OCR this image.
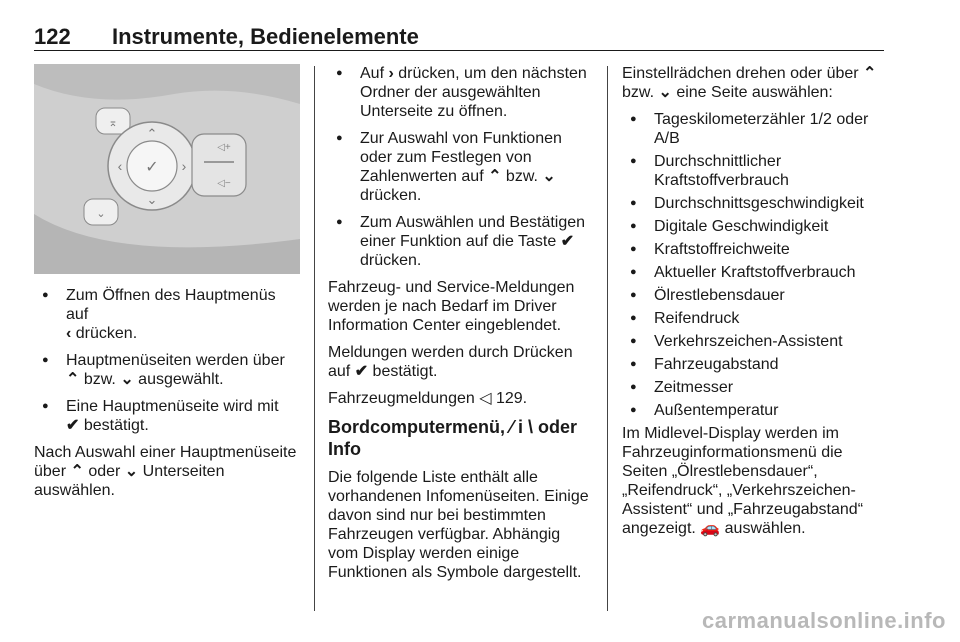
122 Instrumente, Bedienelemente
⌅
⌄
✓
⌃
⌄
‹	›
◁+
◁−
● Zum Öffnen des Hauptmenüs auf
‹ drücken.
● Hauptmenüseiten werden über
⌃ bzw. ⌄ ausgewählt.
● Eine Hauptmenüseite wird mit
✔ bestätigt.

Nach Auswahl einer Hauptmenüseite über ⌃ oder ⌄ Unterseiten auswählen.

● Auf › drücken, um den nächsten Ordner der ausgewählten Unterseite zu öffnen.
● Zur Auswahl von Funktionen oder zum Festlegen von Zahlenwerten auf ⌃ bzw. ⌄ drücken.
● Zum Auswählen und Bestätigen einer Funktion auf die Taste ✔ drücken.

Fahrzeug- und Service-Meldungen werden je nach Bedarf im Driver Information Center eingeblendet.

Meldungen werden durch Drücken auf ✔ bestätigt.

Fahrzeugmeldungen ◁ 129.

Bordcomputermenü, ⁄ i \ oder Info

Die folgende Liste enthält alle vorhandenen Infomenüseiten. Einige davon sind nur bei bestimmten Fahrzeugen verfügbar. Abhängig vom Display werden einige Funktionen als Symbole dargestellt.

Einstellrädchen drehen oder über ⌃ bzw. ⌄ eine Seite auswählen:

● Tageskilometerzähler 1/2 oder A/B
● Durchschnittlicher Kraftstoffverbrauch
● Durchschnittsgeschwindigkeit
● Digitale Geschwindigkeit
● Kraftstoffreichweite
● Aktueller Kraftstoffverbrauch
● Ölrestlebensdauer
● Reifendruck
● Verkehrszeichen-Assistent
● Fahrzeugabstand
● Zeitmesser
● Außentemperatur

Im Midlevel-Display werden im Fahrzeuginformationsmenü die Seiten „Ölrestlebensdauer“, „Reifendruck“, „Verkehrszeichen-Assistent“ und „Fahrzeugabstand“ angezeigt. 🚗 auswählen.

carmanualsonline.info
